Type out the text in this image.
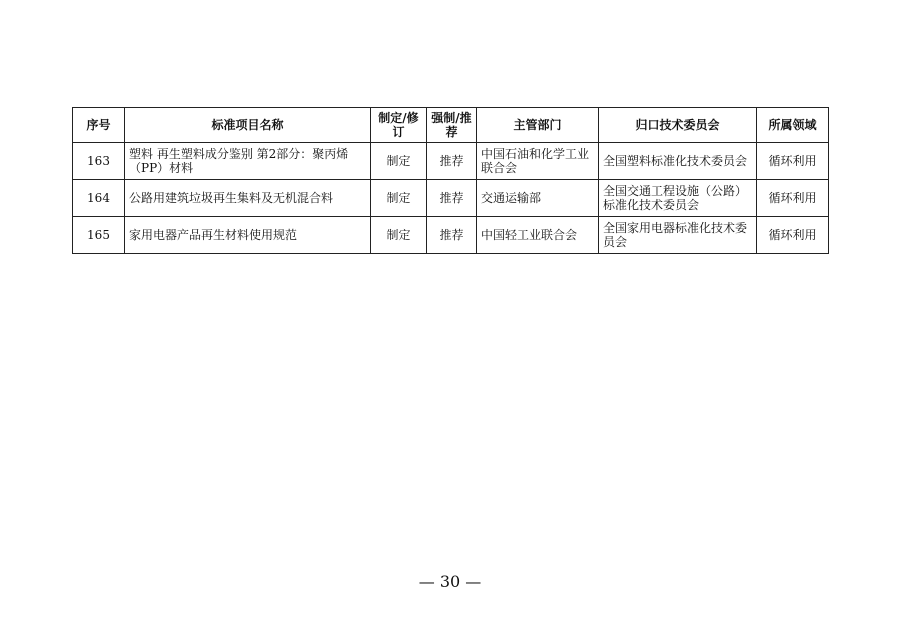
序号	标准项目名称	制定/修订	强制/推荐	主管部门	归口技术委员会	所属领域
163	塑料 再生塑料成分鉴别 第2部分：聚丙烯（PP）材料	制定	推荐	中国石油和化学工业联合会	全国塑料标准化技术委员会	循环利用
164	公路用建筑垃圾再生集料及无机混合料	制定	推荐	交通运输部	全国交通工程设施（公路）标准化技术委员会	循环利用
165	家用电器产品再生材料使用规范	制定	推荐	中国轻工业联合会	全国家用电器标准化技术委员会	循环利用
— 30 —
